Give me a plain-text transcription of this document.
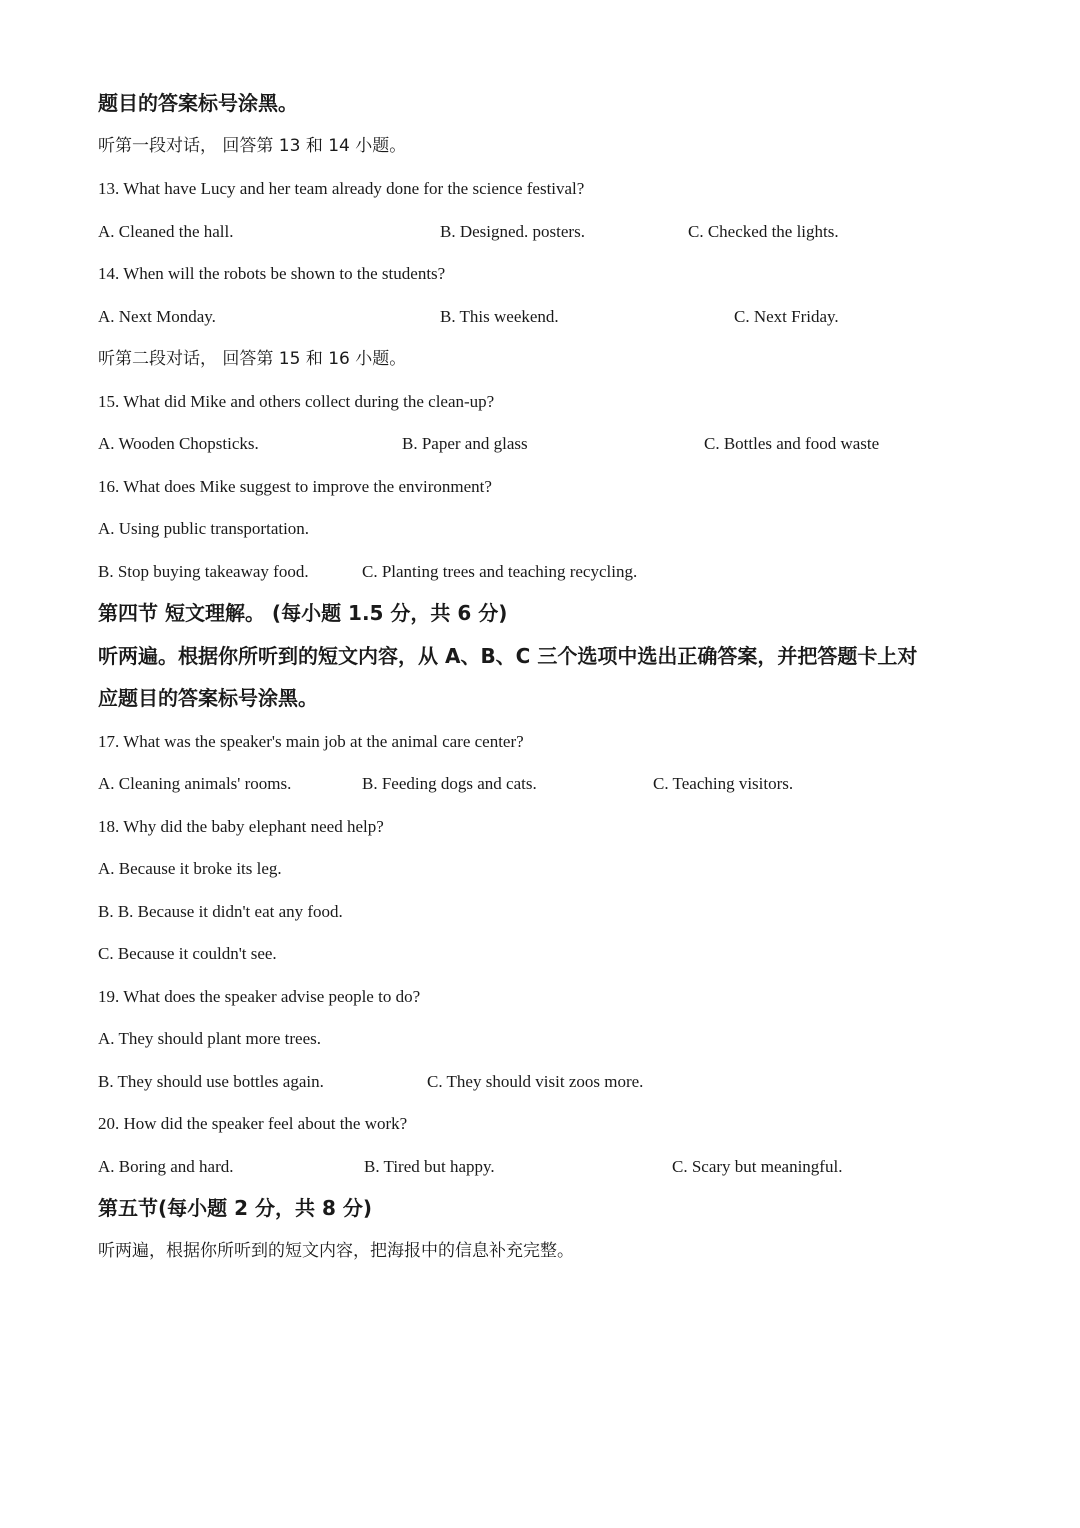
题目的答案标号涂黑。
听第一段对话， 回答第 13 和 14 小题。
13. What have Lucy and her team already done for the science festival?
A. Cleaned the hall.	B. Designed. posters.	C. Checked the lights.
14. When will the robots be shown to the students?
A. Next Monday.	B. This weekend.	C. Next Friday.
听第二段对话， 回答第 15 和 16 小题。
15. What did Mike and others collect during the clean-up?
A. Wooden Chopsticks.	B. Paper and glass	C. Bottles and food waste
16. What does Mike suggest to improve the environment?
A. Using public transportation.
B. Stop buying takeaway food.	C. Planting trees and teaching recycling.
第四节 短文理解。 (每小题 1.5 分，共 6 分)
听两遍。根据你所听到的短文内容，从 A、B、C 三个选项中选出正确答案，并把答题卡上对
应题目的答案标号涂黑。
17. What was the speaker's main job at the animal care center?
A. Cleaning animals' rooms.	B. Feeding dogs and cats.	C. Teaching visitors.
18. Why did the baby elephant need help?
A. Because it broke its leg.
B. B. Because it didn't eat any food.
C. Because it couldn't see.
19. What does the speaker advise people to do?
A. They should plant more trees.
B. They should use bottles again.	C. They should visit zoos more.
20. How did the speaker feel about the work?
A. Boring and hard.	B. Tired but happy.	C. Scary but meaningful.
第五节(每小题 2 分，共 8 分)
听两遍，根据你所听到的短文内容，把海报中的信息补充完整。
